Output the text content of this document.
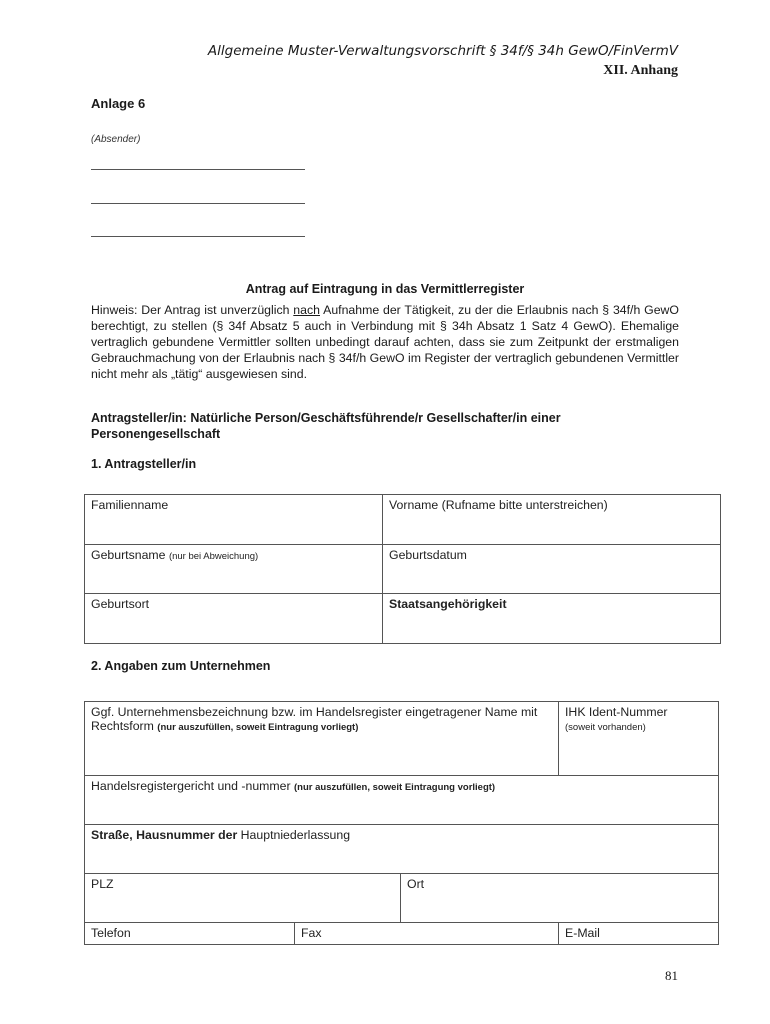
Allgemeine Muster-Verwaltungsvorschrift § 34f/§ 34h GewO/FinVermV
XII. Anhang
Anlage 6
(Absender)
Antrag auf Eintragung in das Vermittlerregister
Hinweis: Der Antrag ist unverzüglich nach Aufnahme der Tätigkeit, zu der die Erlaubnis nach § 34f/h GewO berechtigt, zu stellen (§ 34f Absatz 5 auch in Verbindung mit § 34h Absatz 1 Satz 4 GewO). Ehemalige vertraglich gebundene Vermittler sollten unbedingt darauf achten, dass sie zum Zeitpunkt der erstmaligen Gebrauchmachung von der Erlaubnis nach § 34f/h GewO im Register der vertraglich gebundenen Vermittler nicht mehr als „tätig“ ausgewiesen sind.
Antragsteller/in: Natürliche Person/Geschäftsführende/r Gesellschafter/in einer Personengesellschaft
1. Antragsteller/in
Familienname	Vorname (Rufname bitte unterstreichen)
Geburtsname (nur bei Abweichung)	Geburtsdatum
Geburtsort	Staatsangehörigkeit
2. Angaben zum Unternehmen
Ggf. Unternehmensbezeichnung bzw. im Handelsregister eingetragener Name mit Rechtsform (nur auszufüllen, soweit Eintragung vorliegt)			IHK Ident-Nummer
(soweit vorhanden)
Handelsregistergericht und -nummer (nur auszufüllen, soweit Eintragung vorliegt)			
Straße, Hausnummer der Hauptniederlassung			
PLZ		Ort	
Telefon	Fax		E-Mail
81
